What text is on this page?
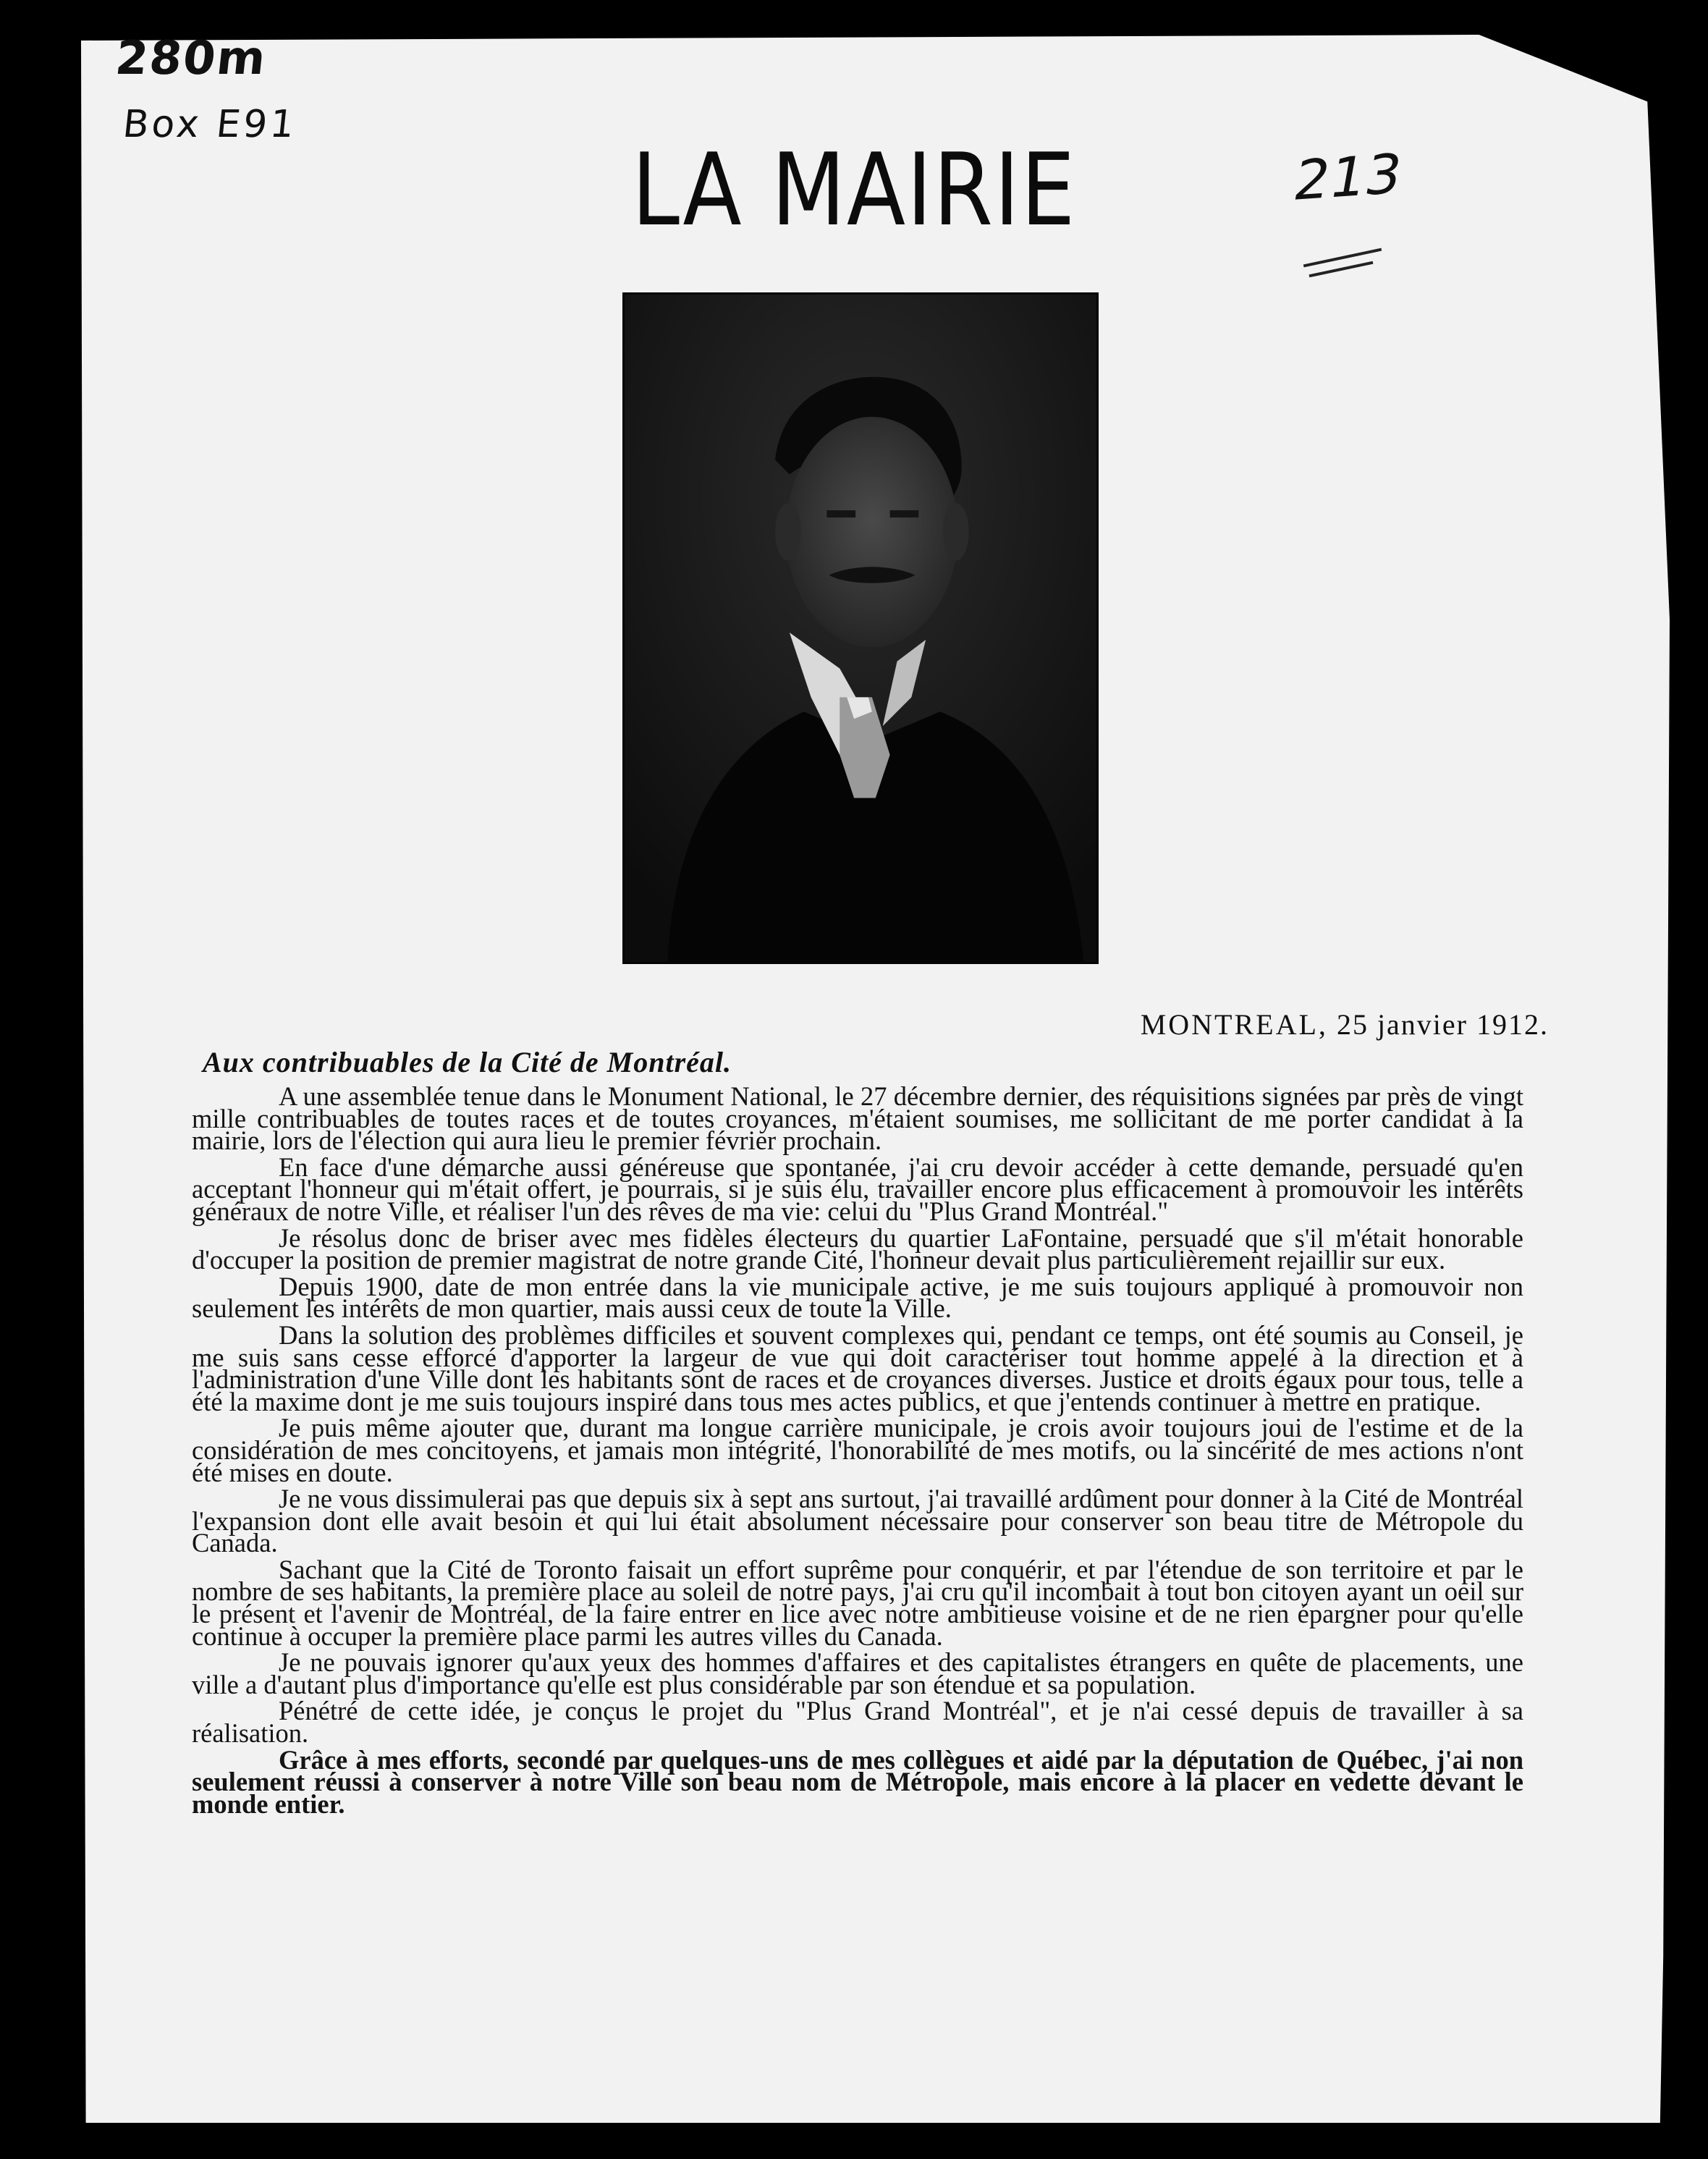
280m
Box E91
213
LA MAIRIE
MONTREAL, 25 janvier 1912.
Aux contribuables de la Cité de Montréal.

A une assemblée tenue dans le Monument National, le 27 décembre dernier, des réquisitions signées par près de vingt mille contribuables de toutes races et de toutes croyances, m'étaient soumises, me sollicitant de me porter candidat à la mairie, lors de l'élection qui aura lieu le premier février prochain.

En face d'une démarche aussi généreuse que spontanée, j'ai cru devoir accéder à cette demande, persuadé qu'en acceptant l'honneur qui m'était offert, je pourrais, si je suis élu, travailler encore plus efficacement à promouvoir les intérêts généraux de notre Ville, et réaliser l'un des rêves de ma vie: celui du "Plus Grand Montréal."

Je résolus donc de briser avec mes fidèles électeurs du quartier LaFontaine, persuadé que s'il m'était honorable d'occuper la position de premier magistrat de notre grande Cité, l'honneur devait plus particulièrement rejaillir sur eux.

Depuis 1900, date de mon entrée dans la vie municipale active, je me suis toujours appliqué à promouvoir non seulement les intérêts de mon quartier, mais aussi ceux de toute la Ville.

Dans la solution des problèmes difficiles et souvent complexes qui, pendant ce temps, ont été soumis au Conseil, je me suis sans cesse efforcé d'apporter la largeur de vue qui doit caractériser tout homme appelé à la direction et à l'administration d'une Ville dont les habitants sont de races et de croyances diverses. Justice et droits égaux pour tous, telle a été la maxime dont je me suis toujours inspiré dans tous mes actes publics, et que j'entends continuer à mettre en pratique.

Je puis même ajouter que, durant ma longue carrière municipale, je crois avoir toujours joui de l'estime et de la considération de mes concitoyens, et jamais mon intégrité, l'honorabilité de mes motifs, ou la sincérité de mes actions n'ont été mises en doute.

Je ne vous dissimulerai pas que depuis six à sept ans surtout, j'ai travaillé ardûment pour donner à la Cité de Montréal l'expansion dont elle avait besoin et qui lui était absolument nécessaire pour conserver son beau titre de Métropole du Canada.

Sachant que la Cité de Toronto faisait un effort suprême pour conquérir, et par l'étendue de son territoire et par le nombre de ses habitants, la première place au soleil de notre pays, j'ai cru qu'il incombait à tout bon citoyen ayant un oeil sur le présent et l'avenir de Montréal, de la faire entrer en lice avec notre ambitieuse voisine et de ne rien épargner pour qu'elle continue à occuper la première place parmi les autres villes du Canada.

Je ne pouvais ignorer qu'aux yeux des hommes d'affaires et des capitalistes étrangers en quête de placements, une ville a d'autant plus d'importance qu'elle est plus considérable par son étendue et sa population.

Pénétré de cette idée, je conçus le projet du "Plus Grand Montréal", et je n'ai cessé depuis de travailler à sa réalisation.

Grâce à mes efforts, secondé par quelques-uns de mes collègues et aidé par la députation de Québec, j'ai non seulement réussi à conserver à notre Ville son beau nom de Métropole, mais encore à la placer en vedette devant le monde entier.
